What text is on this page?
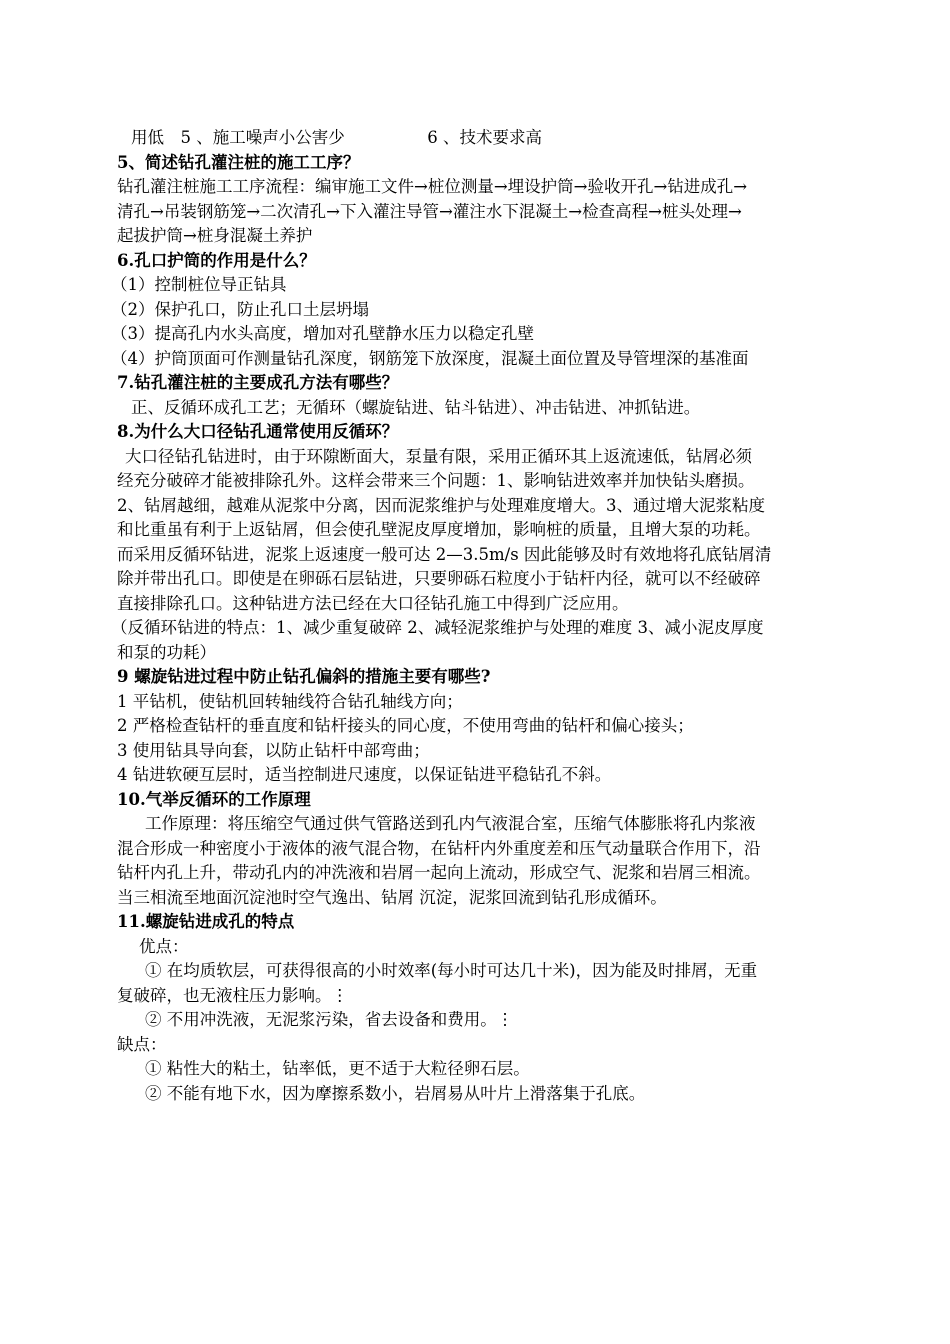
用低　5 、施工噪声小公害少　　　　　6 、技术要求高
5、简述钻孔灌注桩的施工工序？
钻孔灌注桩施工工序流程：编审施工文件→桩位测量→埋设护筒→验收开孔→钻进成孔→
清孔→吊装钢筋笼→二次清孔→下入灌注导管→灌注水下混凝土→检查高程→桩头处理→
起拔护筒→桩身混凝土养护
6.孔口护筒的作用是什么？
（1）控制桩位导正钻具
（2）保护孔口，防止孔口土层坍塌
（3）提高孔内水头高度，增加对孔壁静水压力以稳定孔壁
（4）护筒顶面可作测量钻孔深度，钢筋笼下放深度，混凝土面位置及导管埋深的基准面
7.钻孔灌注桩的主要成孔方法有哪些？
正、反循环成孔工艺；无循环（螺旋钻进、钻斗钻进）、冲击钻进、冲抓钻进。
8.为什么大口径钻孔通常使用反循环？
大口径钻孔钻进时，由于环隙断面大，泵量有限，采用正循环其上返流速低，钻屑必须
经充分破碎才能被排除孔外。这样会带来三个问题：1、影响钻进效率并加快钻头磨损。
2、钻屑越细，越难从泥浆中分离，因而泥浆维护与处理难度增大。3、通过增大泥浆粘度
和比重虽有利于上返钻屑，但会使孔壁泥皮厚度增加，影响桩的质量，且增大泵的功耗。
而采用反循环钻进，泥浆上返速度一般可达 2—3.5m/s 因此能够及时有效地将孔底钻屑清
除并带出孔口。即使是在卵砾石层钻进，只要卵砾石粒度小于钻杆内径，就可以不经破碎
直接排除孔口。这种钻进方法已经在大口径钻孔施工中得到广泛应用。
（反循环钻进的特点：1、减少重复破碎 2、减轻泥浆维护与处理的难度 3、减小泥皮厚度
和泵的功耗）
9 螺旋钻进过程中防止钻孔偏斜的措施主要有哪些?
1 平钻机，使钻机回转轴线符合钻孔轴线方向；
2 严格检查钻杆的垂直度和钻杆接头的同心度，不使用弯曲的钻杆和偏心接头；
3 使用钻具导向套，以防止钻杆中部弯曲；
4 钻进软硬互层时，适当控制进尺速度，以保证钻进平稳钻孔不斜。
10.气举反循环的工作原理
工作原理：将压缩空气通过供气管路送到孔内气液混合室，压缩气体膨胀将孔内浆液
混合形成一种密度小于液体的液气混合物，在钻杆内外重度差和压气动量联合作用下，沿
钻杆内孔上升，带动孔内的冲洗液和岩屑一起向上流动，形成空气、泥浆和岩屑三相流。
当三相流至地面沉淀池时空气逸出、钻屑 沉淀，泥浆回流到钻孔形成循环。
11.螺旋钻进成孔的特点
优点：
① 在均质软层，可获得很高的小时效率(每小时可达几十米)，因为能及时排屑，无重
复破碎，也无液柱压力影响。⋮
② 不用冲洗液，无泥浆污染，省去设备和费用。⋮
缺点：
① 粘性大的粘土，钻率低，更不适于大粒径卵石层。
② 不能有地下水，因为摩擦系数小，岩屑易从叶片上滑落集于孔底。
